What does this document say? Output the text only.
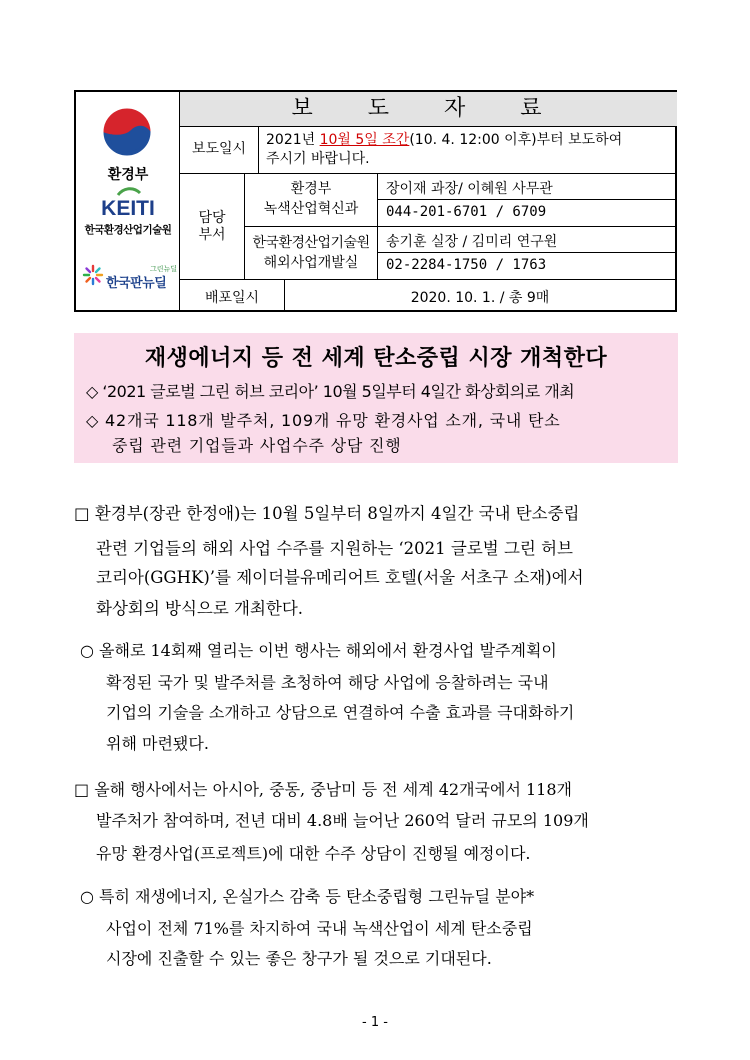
환경부
KEITI
한국환경산업기술원
그린뉴딜
한국판뉴딜
보 도 자 료
보도일시
2021년 10월 5일 조간(10. 4. 12:00 이후)부터 보도하여
주시기 바랍니다.
담당
부서
환경부
녹색산업혁신과
장이재 과장/ 이혜원 사무관
044-201-6701 / 6709
한국환경산업기술원
해외사업개발실
송기훈 실장 / 김미리 연구원
02-2284-1750 / 1763
배포일시	2020. 10. 1. / 총 9매
재생에너지 등 전 세계 탄소중립 시장 개척한다
◇ ‘2021 글로벌 그린 허브 코리아’ 10월 5일부터 4일간 화상회의로 개최
◇ 42개국 118개 발주처, 109개 유망 환경사업 소개, 국내 탄소
중립 관련 기업들과 사업수주 상담 진행
□ 환경부(장관 한정애)는 10월 5일부터 8일까지 4일간 국내 탄소중립
관련 기업들의 해외 사업 수주를 지원하는 ‘2021 글로벌 그린 허브
코리아(GGHK)’를 제이더블유메리어트 호텔(서울 서초구 소재)에서
화상회의 방식으로 개최한다.
○ 올해로 14회째 열리는 이번 행사는 해외에서 환경사업 발주계획이
확정된 국가 및 발주처를 초청하여 해당 사업에 응찰하려는 국내
기업의 기술을 소개하고 상담으로 연결하여 수출 효과를 극대화하기
위해 마련됐다.
□ 올해 행사에서는 아시아, 중동, 중남미 등 전 세계 42개국에서 118개
발주처가 참여하며, 전년 대비 4.8배 늘어난 260억 달러 규모의 109개
유망 환경사업(프로젝트)에 대한 수주 상담이 진행될 예정이다.
○ 특히 재생에너지, 온실가스 감축 등 탄소중립형 그린뉴딜 분야*
사업이 전체 71%를 차지하여 국내 녹색산업이 세계 탄소중립
시장에 진출할 수 있는 좋은 창구가 될 것으로 기대된다.
- 1 -
